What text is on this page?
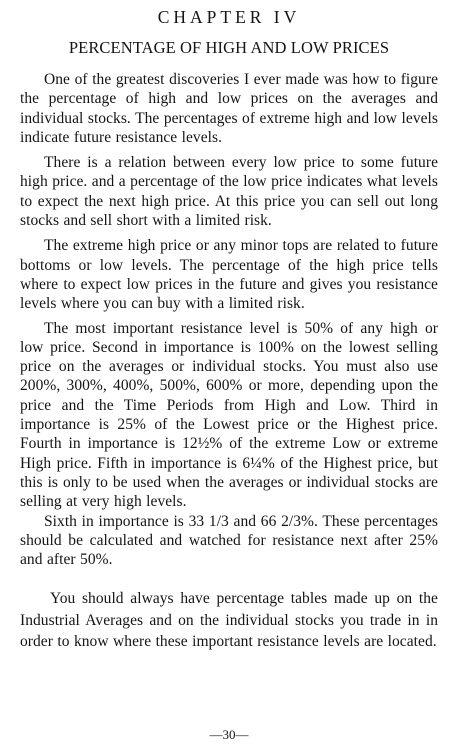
CHAPTER IV
PERCENTAGE OF HIGH AND LOW PRICES

One of the greatest discoveries I ever made was how to figure the percentage of high and low prices on the averages and individual stocks. The percentages of extreme high and low levels indicate future resistance levels.

There is a relation between every low price to some future high price. and a percentage of the low price indicates what levels to expect the next high price. At this price you can sell out long stocks and sell short with a limited risk.

The extreme high price or any minor tops are related to future bottoms or low levels. The percentage of the high price tells where to expect low prices in the future and gives you resistance levels where you can buy with a limited risk.

The most important resistance level is 50% of any high or low price. Second in importance is 100% on the lowest selling price on the averages or individual stocks. You must also use 200%, 300%, 400%, 500%, 600% or more, depending upon the price and the Time Periods from High and Low. Third in importance is 25% of the Lowest price or the Highest price. Fourth in importance is 12½% of the extreme Low or extreme High price. Fifth in importance is 6¼% of the Highest price, but this is only to be used when the averages or individual stocks are selling at very high levels.

Sixth in importance is 33 1/3 and 66 2/3%. These percentages should be calculated and watched for resistance next after 25% and after 50%.

You should always have percentage tables made up on the Industrial Averages and on the individual stocks you trade in in order to know where these important resistance levels are located.

—30—
